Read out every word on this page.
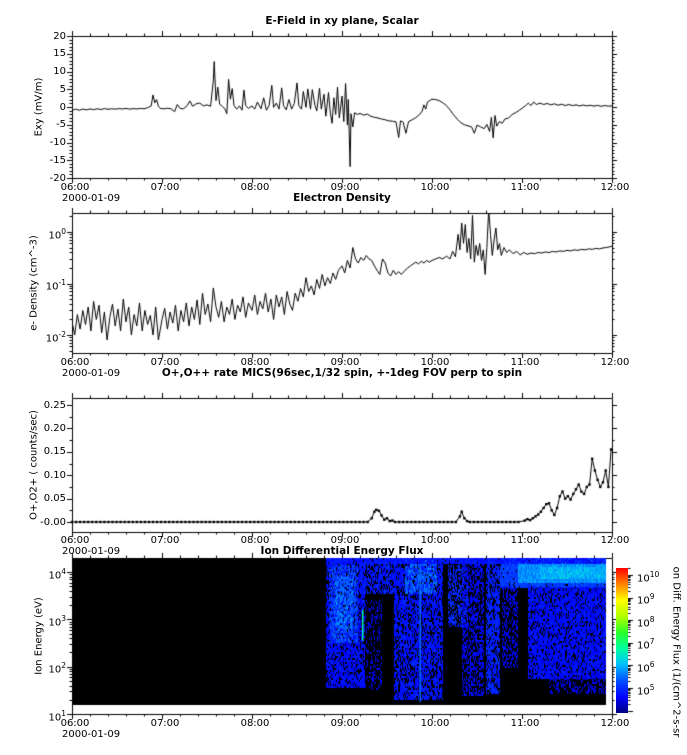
E-Field in xy plane, Scalar
Electron Density
O+,O++ rate MICS(96sec,1/32 spin, +-1deg FOV perp to spin
Ion Differential Energy Flux
Exy (mV/m)
e- Density (cm^-3)
O+,O2+ ( counts/sec)
Ion Energy (eV)
2000-01-09
2000-01-09
2000-01-09
2000-01-09	on Diff. Energy Flux (1/(cm^2-s-sr
06:00	07:00	08:00	09:00	10:00	11:00	12:00
06:00	07:00	08:00	09:00	10:00	11:00	12:00
06:00	07:00	08:00	09:00	10:00	11:00	12:00
06:00	07:00	08:00	09:00	10:00	11:00	12:00
20
15
10
5
0
-5
-10
-15
-20
$10^0$
$10^{-1}$
$10^{-2}$
0.25
0.20
0.15
0.10
0.05
-0.00
$10^4$
$10^3$
$10^2$
$10^1$
$10^{10}$
$10^9$
$10^8$
$10^7$
$10^6$
$10^5$
